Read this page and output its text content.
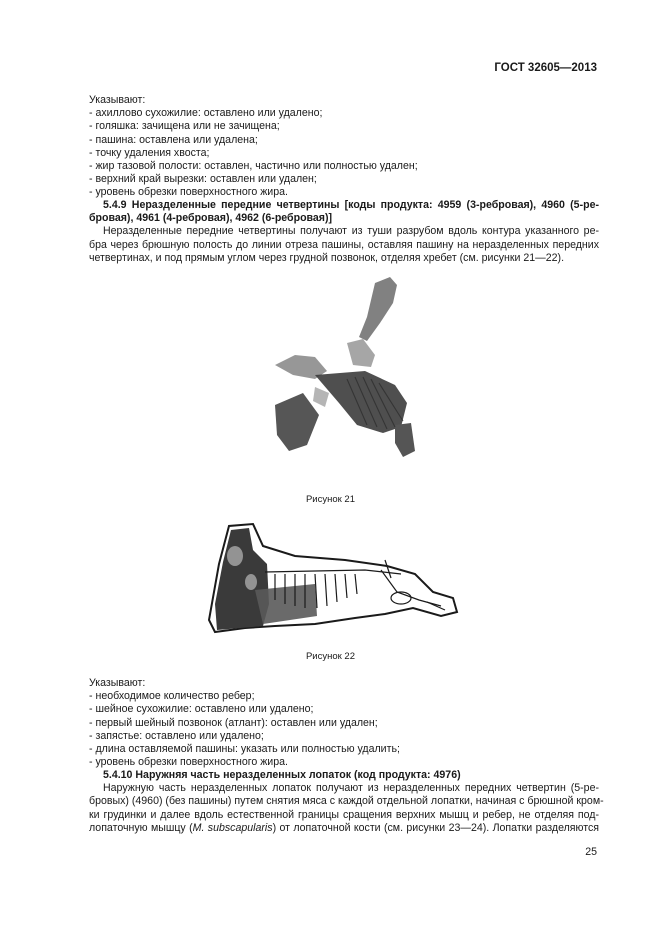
ГОСТ 32605—2013
Указывают:
- ахиллово сухожилие: оставлено или удалено;
- голяшка: зачищена или не зачищена;
- пашина: оставлена или удалена;
- точку удаления хвоста;
- жир тазовой полости: оставлен, частично или полностью удален;
- верхний край вырезки: оставлен или удален;
- уровень обрезки поверхностного жира.
5.4.9 Неразделенные передние четвертины [коды продукта: 4959 (3-ребровая), 4960 (5-ре-
бровая), 4961 (4-ребровая), 4962 (6-ребровая)]
Неразделенные передние четвертины получают из туши разрубом вдоль контура указанного ре-
бра через брюшную полость до линии отреза пашины, оставляя пашину на неразделенных передних
четвертинах, и под прямым углом через грудной позвонок, отделяя хребет (см. рисунки 21—22).
Рисунок 21
Рисунок 22
Указывают:
- необходимое количество ребер;
- шейное сухожилие: оставлено или удалено;
- первый шейный позвонок (атлант): оставлен или удален;
- запястье: оставлено или удалено;
- длина оставляемой пашины: указать или полностью удалить;
- уровень обрезки поверхностного жира.
5.4.10 Наружняя часть неразделенных лопаток (код продукта: 4976)
Наружную часть неразделенных лопаток получают из неразделенных передних четвертин (5-ре-
бровых) (4960) (без пашины) путем снятия мяса с каждой отдельной лопатки, начиная с брюшной кром-
ки грудинки и далее вдоль естественной границы сращения верхних мышц и ребер, не отделяя под-
лопаточную мышцу (M. subscapularis) от лопаточной кости (см. рисунки 23—24). Лопатки разделяются
25
